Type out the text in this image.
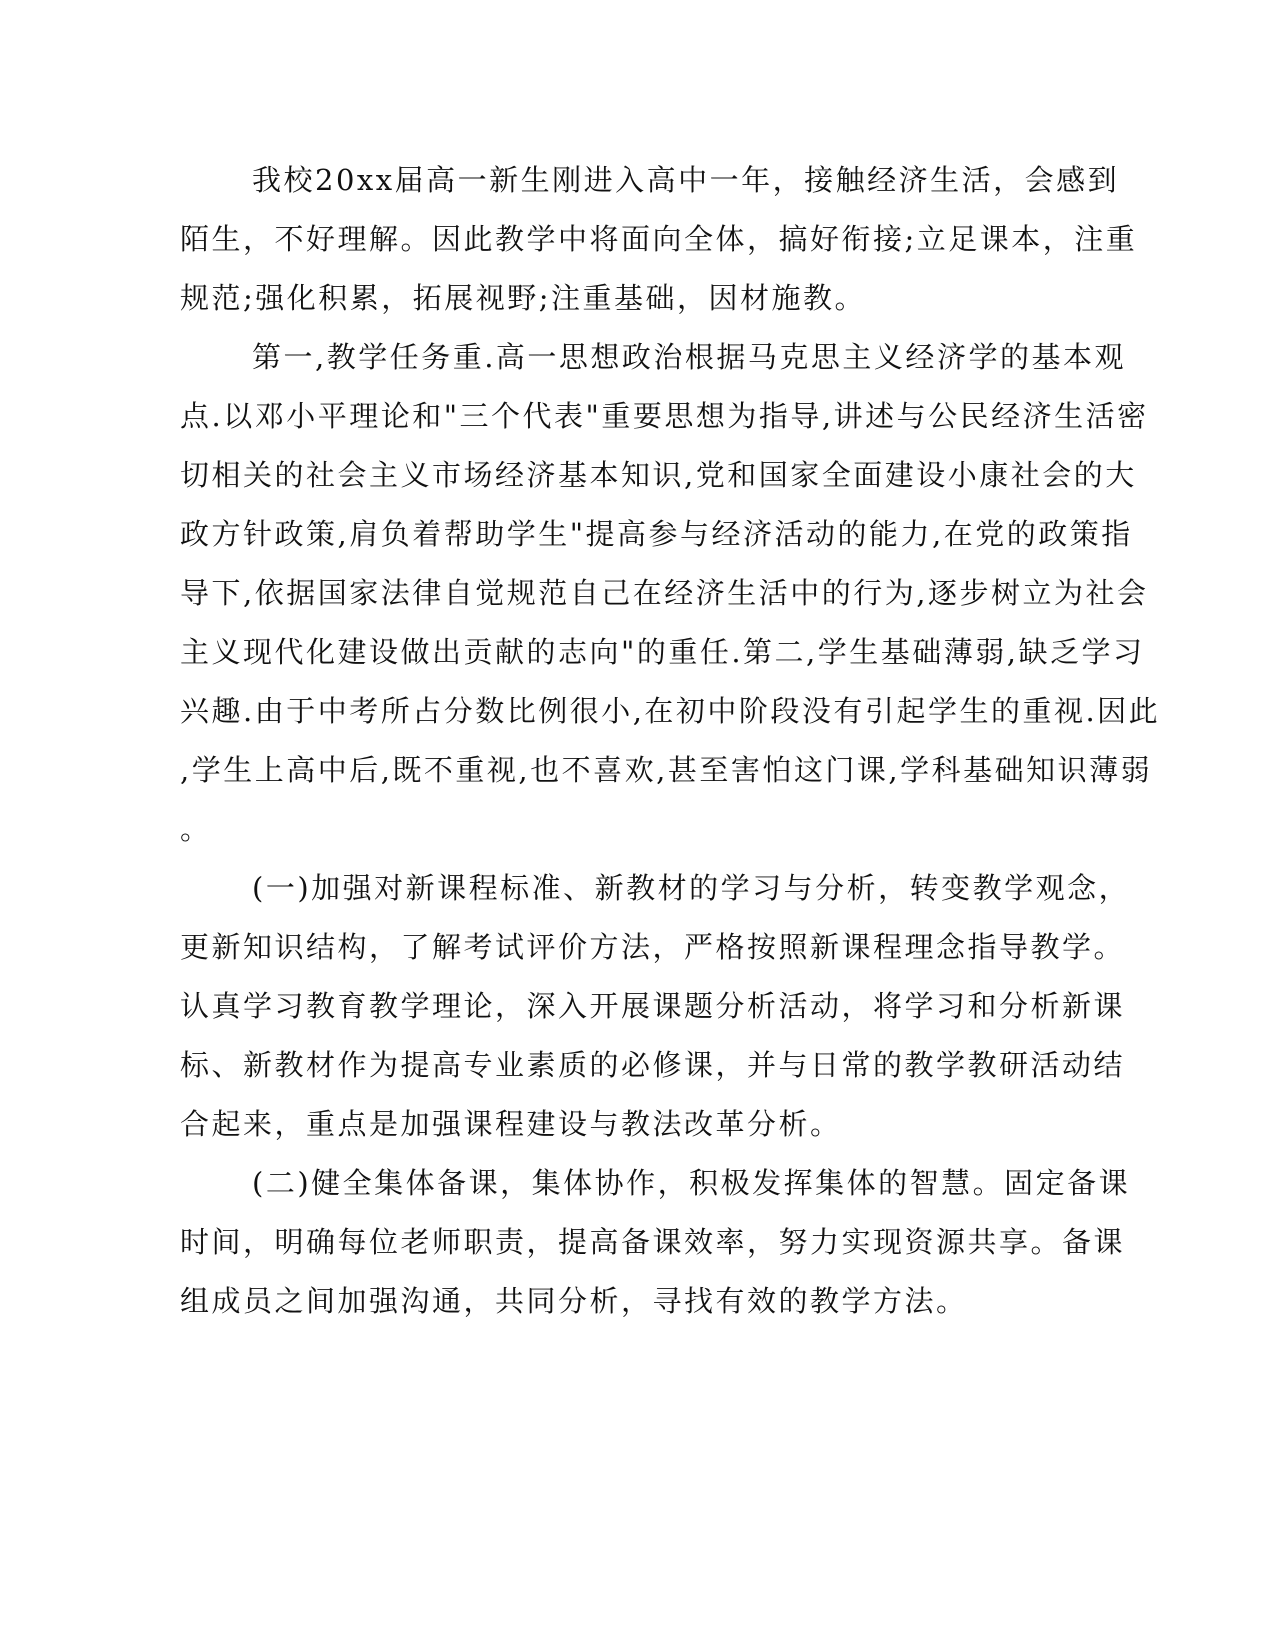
我校20xx届高一新生刚进入高中一年，接触经济生活，会感到
陌生，不好理解。因此教学中将面向全体，搞好衔接;立足课本，注重
规范;强化积累，拓展视野;注重基础，因材施教。
第一,教学任务重.高一思想政治根据马克思主义经济学的基本观
点.以邓小平理论和"三个代表"重要思想为指导,讲述与公民经济生活密
切相关的社会主义市场经济基本知识,党和国家全面建设小康社会的大
政方针政策,肩负着帮助学生"提高参与经济活动的能力,在党的政策指
导下,依据国家法律自觉规范自己在经济生活中的行为,逐步树立为社会
主义现代化建设做出贡献的志向"的重任.第二,学生基础薄弱,缺乏学习
兴趣.由于中考所占分数比例很小,在初中阶段没有引起学生的重视.因此
,学生上高中后,既不重视,也不喜欢,甚至害怕这门课,学科基础知识薄弱
。
(一)加强对新课程标准、新教材的学习与分析，转变教学观念，
更新知识结构，了解考试评价方法，严格按照新课程理念指导教学。
认真学习教育教学理论，深入开展课题分析活动，将学习和分析新课
标、新教材作为提高专业素质的必修课，并与日常的教学教研活动结
合起来，重点是加强课程建设与教法改革分析。
(二)健全集体备课，集体协作，积极发挥集体的智慧。固定备课
时间，明确每位老师职责，提高备课效率，努力实现资源共享。备课
组成员之间加强沟通，共同分析，寻找有效的教学方法。
